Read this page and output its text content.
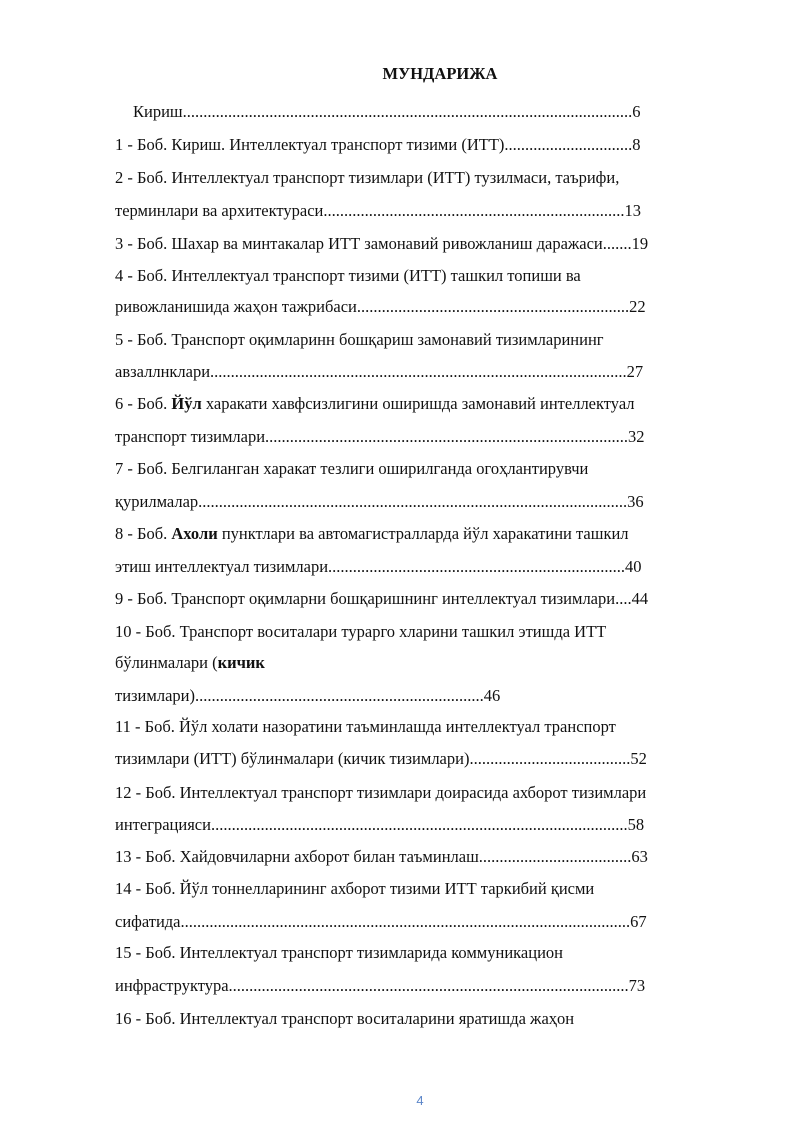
МУНДАРИЖА
Кириш.............................................................................................................6
1 - Боб. Кириш. Интеллектуал транспорт тизими (ИТТ)...............................8
2 - Боб. Интеллектуал транспорт тизимлари (ИТТ) тузилмаси, таърифи,
терминлари ва архитектураси.........................................................................13
3 - Боб. Шахар ва минтакалар ИТТ замонавий ривожланиш даражаси.......19
4 - Боб. Интеллектуал транспорт тизими (ИТТ) ташкил топиши ва
ривожланишида жаҳон тажрибаси..................................................................22
5 - Боб. Транспорт оқимларинн бошқариш замонавий тизимларининг
авзаллнклари.....................................................................................................27
6 - Боб. Йўл харакати хавфсизлигини оширишда замонавий интеллектуал
транспорт тизимлари........................................................................................32
7 - Боб. Белгиланган харакат тезлиги оширилганда огоҳлантирувчи
қурилмалар........................................................................................................36
8 - Боб. Ахоли пунктлари ва автомагистралларда йўл харакатини ташкил
этиш интеллектуал тизимлари........................................................................40
9 - Боб. Транспорт оқимларни бошқаришнинг интеллектуал тизимлари....44
10 - Боб. Транспорт воситалари турарго хларини ташкил этишда ИТТ
бўлинмалари (кичик
тизимлари)......................................................................46
11 - Боб. Йўл холати назоратини таъминлашда интеллектуал транспорт
тизимлари (ИТТ) бўлинмалари (кичик тизимлари).......................................52
12 - Боб. Интеллектуал транспорт тизимлари доирасида ахборот тизимлари
интеграцияси.....................................................................................................58
13 - Боб. Хайдовчиларни ахборот билан таъминлаш.....................................63
14 - Боб. Йўл тоннелларининг ахборот тизими ИТТ таркибий қисми
сифатида.............................................................................................................67
15 - Боб. Интеллектуал транспорт тизимларида коммуникацион
инфраструктура.................................................................................................73
16 - Боб. Интеллектуал транспорт воситаларини яратишда жаҳон
4
